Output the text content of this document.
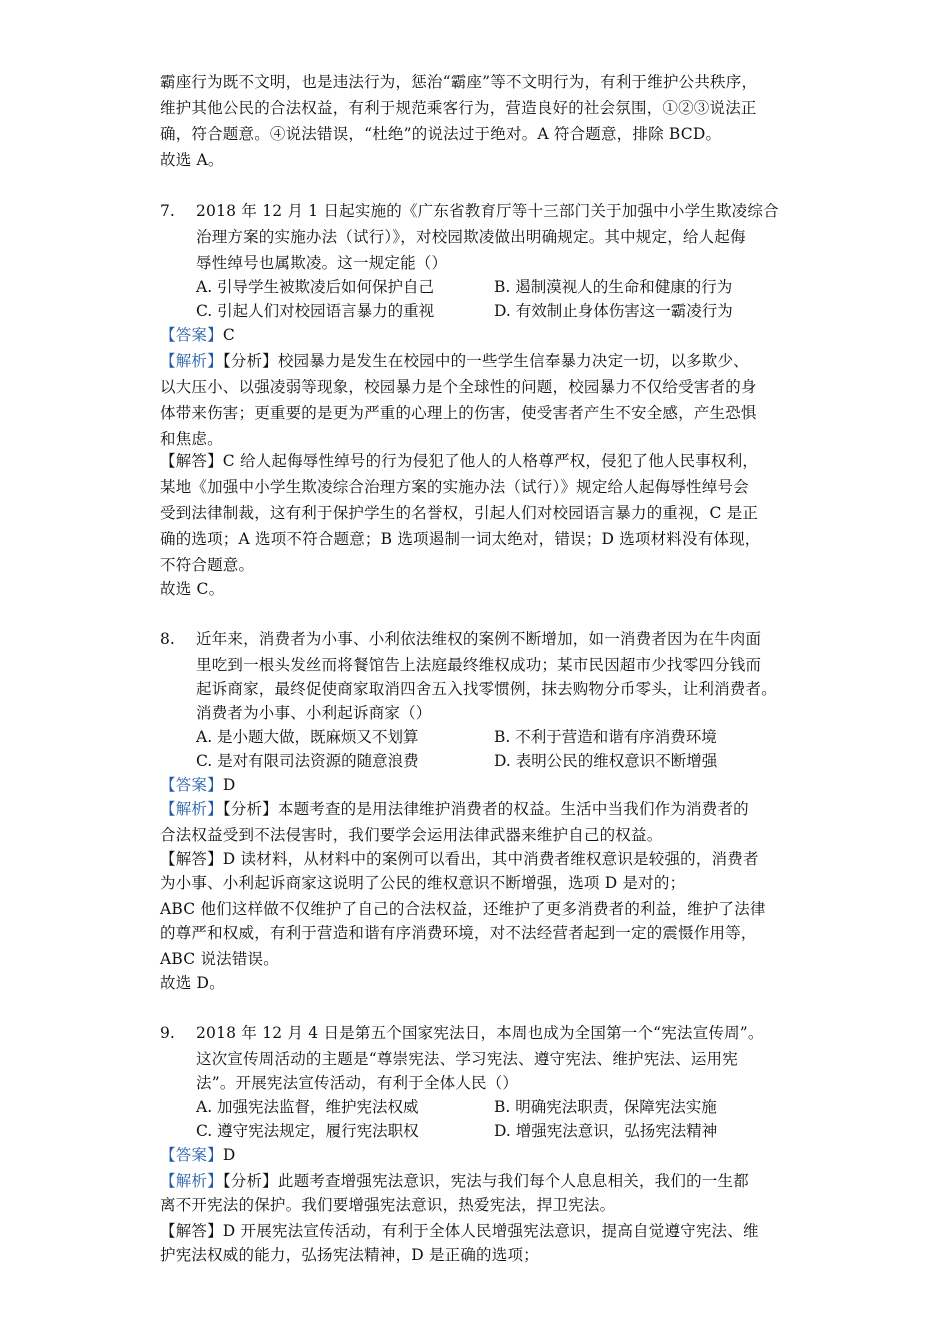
霸座行为既不文明，也是违法行为，惩治“霸座”等不文明行为，有利于维护公共秩序，
维护其他公民的合法权益，有利于规范乘客行为，营造良好的社会氛围，①②③说法正
确，符合题意。④说法错误，“杜绝”的说法过于绝对。A 符合题意，排除 BCD。
故选 A。
7. 2018 年 12 月 1 日起实施的《广东省教育厅等十三部门关于加强中小学生欺凌综合
治理方案的实施办法（试行）》，对校园欺凌做出明确规定。其中规定，给人起侮
辱性绰号也属欺凌。这一规定能（）
A. 引导学生被欺凌后如何保护自己	B. 遏制漠视人的生命和健康的行为
C. 引起人们对校园语言暴力的重视	D. 有效制止身体伤害这一霸凌行为
【答案】C
【解析】【分析】校园暴力是发生在校园中的一些学生信奉暴力决定一切，以多欺少、
以大压小、以强凌弱等现象，校园暴力是个全球性的问题，校园暴力不仅给受害者的身
体带来伤害；更重要的是更为严重的心理上的伤害，使受害者产生不安全感，产生恐惧
和焦虑。
【解答】C 给人起侮辱性绰号的行为侵犯了他人的人格尊严权，侵犯了他人民事权利，
某地《加强中小学生欺凌综合治理方案的实施办法（试行）》规定给人起侮辱性绰号会
受到法律制裁，这有利于保护学生的名誉权，引起人们对校园语言暴力的重视，C 是正
确的选项；A 选项不符合题意；B 选项遏制一词太绝对，错误；D 选项材料没有体现，
不符合题意。
故选 C。
8. 近年来，消费者为小事、小利依法维权的案例不断增加，如一消费者因为在牛肉面
里吃到一根头发丝而将餐馆告上法庭最终维权成功；某市民因超市少找零四分钱而
起诉商家，最终促使商家取消四舍五入找零惯例，抹去购物分币零头，让利消费者。
消费者为小事、小利起诉商家（）
A. 是小题大做，既麻烦又不划算	B. 不利于营造和谐有序消费环境
C. 是对有限司法资源的随意浪费	D. 表明公民的维权意识不断增强
【答案】D
【解析】【分析】本题考查的是用法律维护消费者的权益。生活中当我们作为消费者的
合法权益受到不法侵害时，我们要学会运用法律武器来维护自己的权益。
【解答】D 读材料，从材料中的案例可以看出，其中消费者维权意识是较强的，消费者
为小事、小利起诉商家这说明了公民的维权意识不断增强，选项 D 是对的；
ABC 他们这样做不仅维护了自己的合法权益，还维护了更多消费者的利益，维护了法律
的尊严和权威，有利于营造和谐有序消费环境，对不法经营者起到一定的震慑作用等，
ABC 说法错误。
故选 D。
9. 2018 年 12 月 4 日是第五个国家宪法日，本周也成为全国第一个“宪法宣传周”。
这次宣传周活动的主题是“尊崇宪法、学习宪法、遵守宪法、维护宪法、运用宪
法”。开展宪法宣传活动，有利于全体人民（）
A. 加强宪法监督，维护宪法权威	B. 明确宪法职责，保障宪法实施
C. 遵守宪法规定，履行宪法职权	D. 增强宪法意识，弘扬宪法精神
【答案】D
【解析】【分析】此题考查增强宪法意识，宪法与我们每个人息息相关，我们的一生都
离不开宪法的保护。我们要增强宪法意识，热爱宪法，捍卫宪法。
【解答】D 开展宪法宣传活动，有利于全体人民增强宪法意识，提高自觉遵守宪法、维
护宪法权威的能力，弘扬宪法精神，D 是正确的选项；
